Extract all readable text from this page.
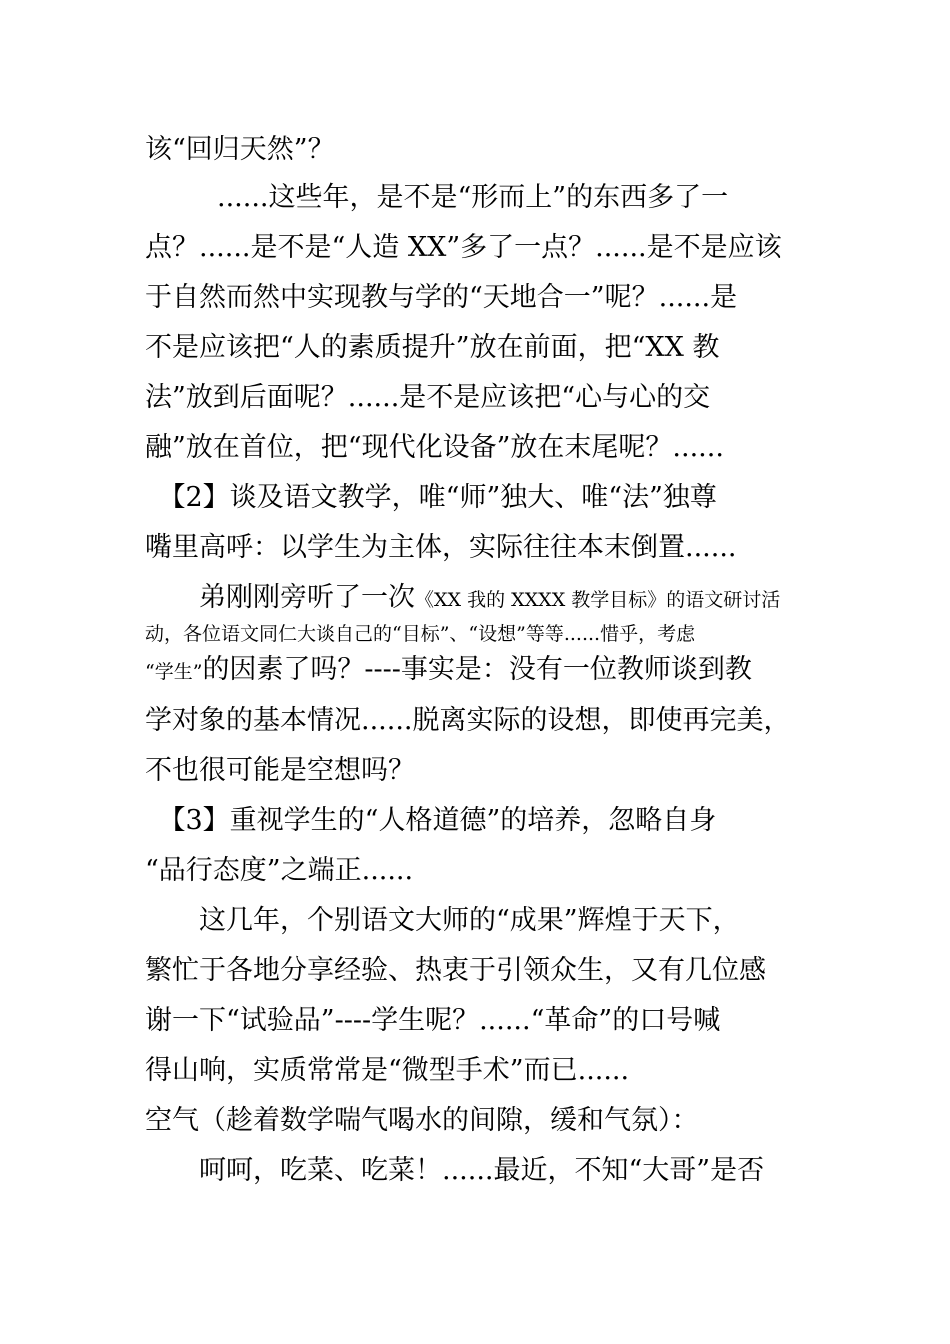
该“回归天然”？
　　......这些年，是不是“形而上”的东西多了一
点？......是不是“人造 XX”多了一点？......是不是应该
于自然而然中实现教与学的“天地合一”呢？......是
不是应该把“人的素质提升”放在前面，把“XX 教
法”放到后面呢？......是不是应该把“心与心的交
融”放在首位，把“现代化设备”放在末尾呢？......
　【2】谈及语文教学，唯“师”独大、唯“法”独尊
嘴里高呼：以学生为主体，实际往往本末倒置......
　　弟刚刚旁听了一次《XX 我的 XXXX 教学目标》的语文研讨活
动，各位语文同仁大谈自己的“目标”、“设想”等等......惜乎，考虑
“学生”的因素了吗？----事实是：没有一位教师谈到教
学对象的基本情况......脱离实际的设想，即使再完美，
不也很可能是空想吗？
　【3】重视学生的“人格道德”的培养，忽略自身
“品行态度”之端正......
　　这几年，个别语文大师的“成果”辉煌于天下，
繁忙于各地分享经验、热衷于引领众生，又有几位感
谢一下“试验品”----学生呢？......“革命”的口号喊
得山响，实质常常是“微型手术”而已......
空气（趁着数学喘气喝水的间隙，缓和气氛）：
　　呵呵，吃菜、吃菜！......最近，不知“大哥”是否
